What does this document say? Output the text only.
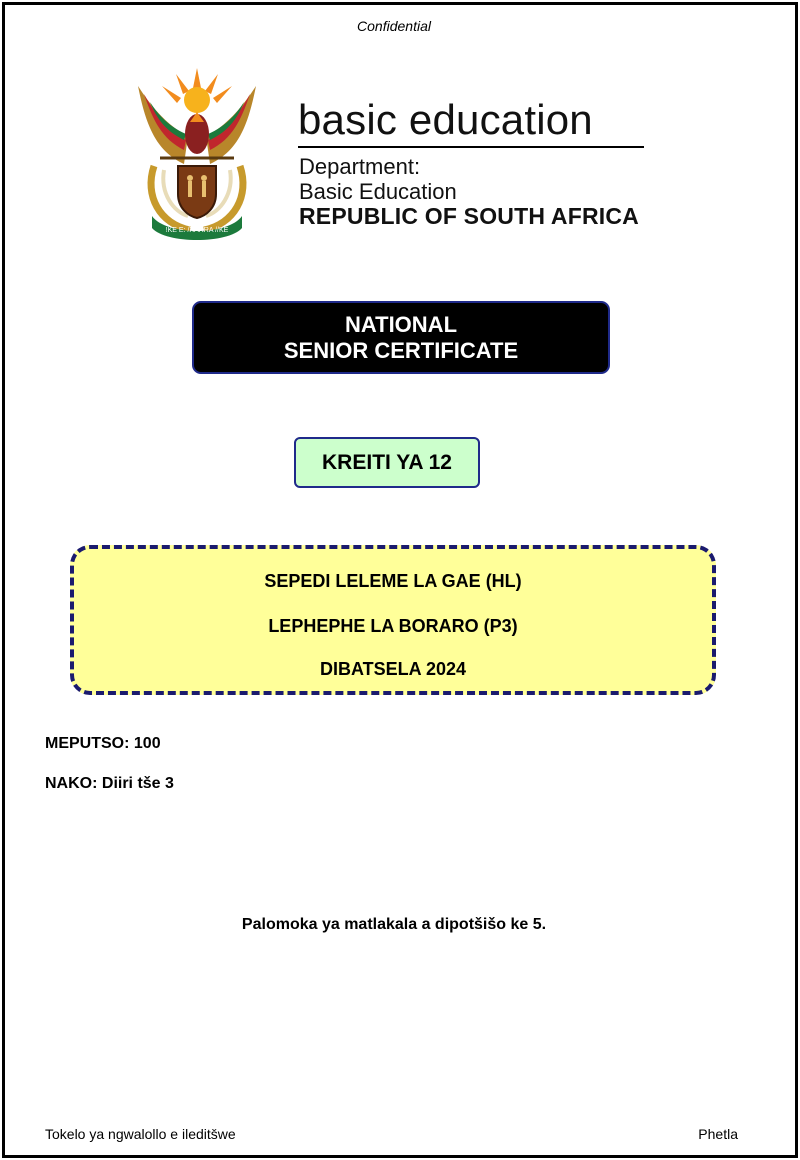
Confidential
!KE E: /XARRA //KE
basic education
Department:
Basic Education
REPUBLIC OF SOUTH AFRICA
NATIONAL
SENIOR CERTIFICATE
KREITI YA 12
SEPEDI LELEME LA GAE (HL)
LEPHEPHE LA BORARO (P3)
DIBATSELA 2024
MEPUTSO: 100
NAKO: Diiri tše 3
Palomoka ya matlakala a dipotšišo ke 5.
Tokelo ya ngwalollo e ileditšwe	Phetla
